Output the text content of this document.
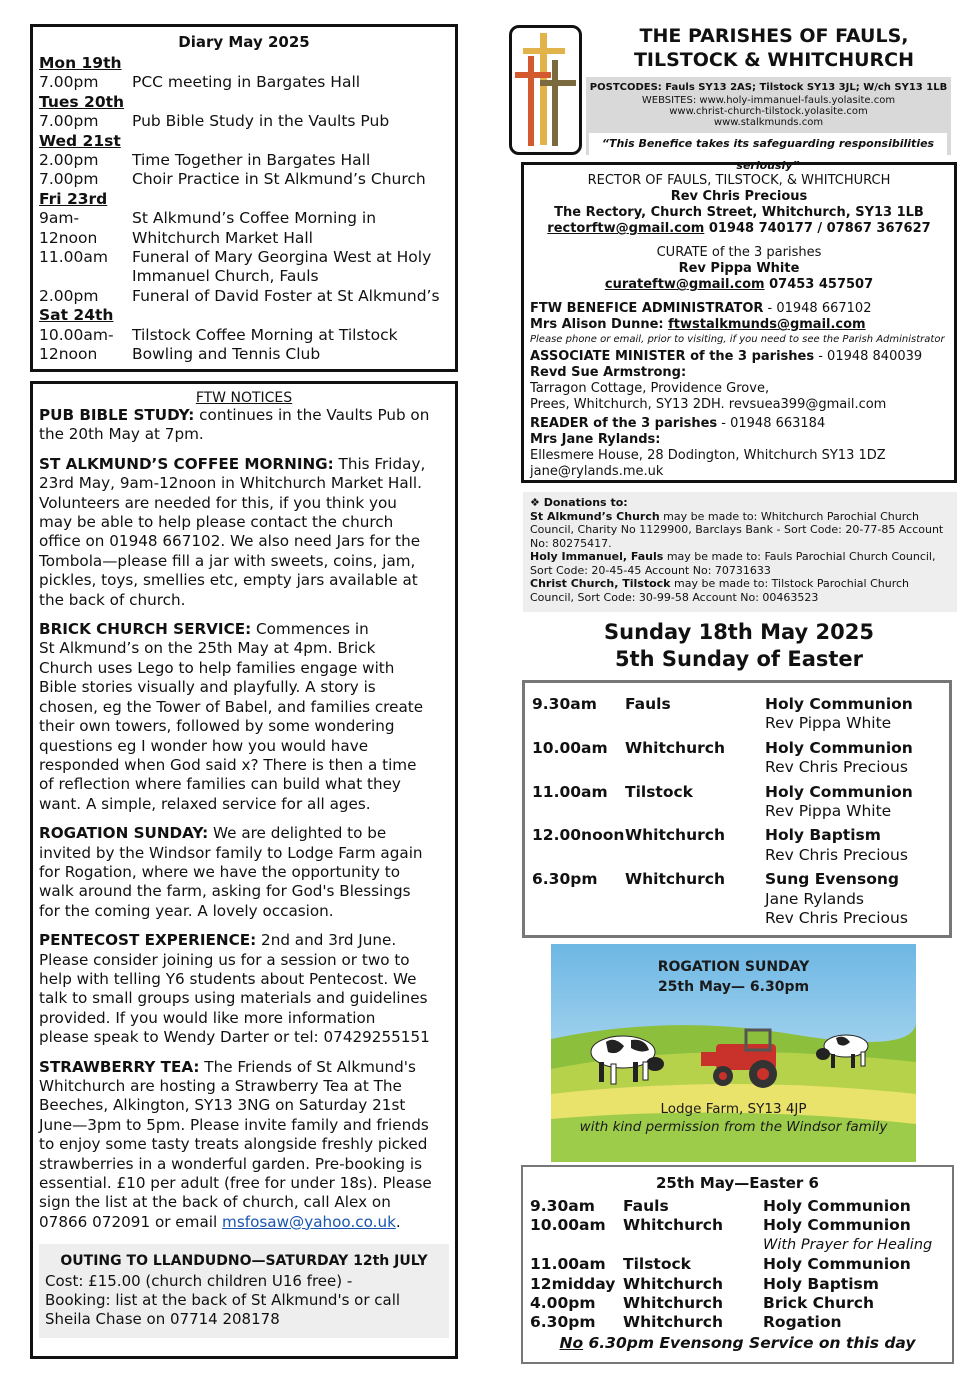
Diary May 2025
Mon 19th
7.00pm	PCC meeting in Bargates Hall
Tues 20th
7.00pm	Pub Bible Study in the Vaults Pub
Wed 21st
2.00pm	Time Together in Bargates Hall
7.00pm	Choir Practice in St Alkmund’s Church
Fri 23rd
9am-	St Alkmund’s Coffee Morning in
12noon	Whitchurch Market Hall
11.00am	Funeral of Mary Georgina West at Holy
Immanuel Church, Fauls
2.00pm	Funeral of David Foster at St Alkmund’s
Sat 24th
10.00am-	Tilstock Coffee Morning at Tilstock
12noon	Bowling and Tennis Club
FTW NOTICES
PUB BIBLE STUDY: continues in the Vaults Pub on
the 20th May at 7pm.
ST ALKMUND’S COFFEE MORNING: This Friday,
23rd May, 9am-12noon in Whitchurch Market Hall.
Volunteers are needed for this, if you think you
may be able to help please contact the church
office on 01948 667102. We also need Jars for the
Tombola—please fill a jar with sweets, coins, jam,
pickles, toys, smellies etc, empty jars available at
the back of church.
BRICK CHURCH SERVICE: Commences in
St Alkmund’s on the 25th May at 4pm. Brick
Church uses Lego to help families engage with
Bible stories visually and playfully. A story is
chosen, eg the Tower of Babel, and families create
their own towers, followed by some wondering
questions eg I wonder how you would have
responded when God said x? There is then a time
of reflection where families can build what they
want. A simple, relaxed service for all ages.
ROGATION SUNDAY: We are delighted to be
invited by the Windsor family to Lodge Farm again
for Rogation, where we have the opportunity to
walk around the farm, asking for God's Blessings
for the coming year. A lovely occasion.
PENTECOST EXPERIENCE: 2nd and 3rd June.
Please consider joining us for a session or two to
help with telling Y6 students about Pentecost. We
talk to small groups using materials and guidelines
provided. If you would like more information
please speak to Wendy Darter or tel: 07429255151
STRAWBERRY TEA: The Friends of St Alkmund's
Whitchurch are hosting a Strawberry Tea at The
Beeches, Alkington, SY13 3NG on Saturday 21st
June—3pm to 5pm. Please invite family and friends
to enjoy some tasty treats alongside freshly picked
strawberries in a wonderful garden. Pre-booking is
essential. £10 per adult (free for under 18s). Please
sign the list at the back of church, call Alex on
07866 072091 or email msfosaw@yahoo.co.uk.
OUTING TO LLANDUDNO—SATURDAY 12th JULY
Cost: £15.00 (church children U16 free) -
Booking: list at the back of St Alkmund's or call
Sheila Chase on 07714 208178
THE PARISHES OF FAULS,
TILSTOCK & WHITCHURCH
POSTCODES: Fauls SY13 2AS; Tilstock SY13 3JL; W/ch SY13 1LB
WEBSITES: www.holy-immanuel-fauls.yolasite.com
www.christ-church-tilstock.yolasite.com
www.stalkmunds.com
“This Benefice takes its safeguarding responsibilities seriously”
RECTOR OF FAULS, TILSTOCK, & WHITCHURCH
Rev Chris Precious
The Rectory, Church Street, Whitchurch, SY13 1LB
rectorftw@gmail.com 01948 740177 / 07867 367627
CURATE of the 3 parishes
Rev Pippa White
curateftw@gmail.com 07453 457507
FTW BENEFICE ADMINISTRATOR - 01948 667102
Mrs Alison Dunne: ftwstalkmunds@gmail.com
Please phone or email, prior to visiting, if you need to see the Parish Administrator
ASSOCIATE MINISTER of the 3 parishes - 01948 840039
Revd Sue Armstrong:
Tarragon Cottage, Providence Grove,
Prees, Whitchurch, SY13 2DH. revsuea399@gmail.com
READER of the 3 parishes - 01948 663184
Mrs Jane Rylands:
Ellesmere House, 28 Dodington, Whitchurch SY13 1DZ
jane@rylands.me.uk
❖ Donations to:
St Alkmund’s Church may be made to: Whitchurch Parochial Church Council, Charity No 1129900, Barclays Bank - Sort Code: 20-77-85 Account No: 80275417.
Holy Immanuel, Fauls may be made to: Fauls Parochial Church Council, Sort Code: 20-45-45 Account No: 70731633
Christ Church, Tilstock may be made to: Tilstock Parochial Church Council, Sort Code: 30-99-58 Account No: 00463523
Sunday 18th May 2025
5th Sunday of Easter
9.30am	Fauls	Holy Communion
Rev Pippa White
10.00am	Whitchurch	Holy Communion
Rev Chris Precious
11.00am	Tilstock	Holy Communion
Rev Pippa White
12.00noon Whitchurch	Holy Baptism
Rev Chris Precious
6.30pm	Whitchurch	Sung Evensong
Jane Rylands
Rev Chris Precious
ROGATION SUNDAY
25th May— 6.30pm
Lodge Farm, SY13 4JP
with kind permission from the Windsor family
25th May—Easter 6
9.30am	Fauls	Holy Communion
10.00am	Whitchurch	Holy Communion
With Prayer for Healing
11.00am	Tilstock	Holy Communion
12midday Whitchurch	Holy Baptism
4.00pm	Whitchurch	Brick Church
6.30pm	Whitchurch	Rogation
No 6.30pm Evensong Service on this day
